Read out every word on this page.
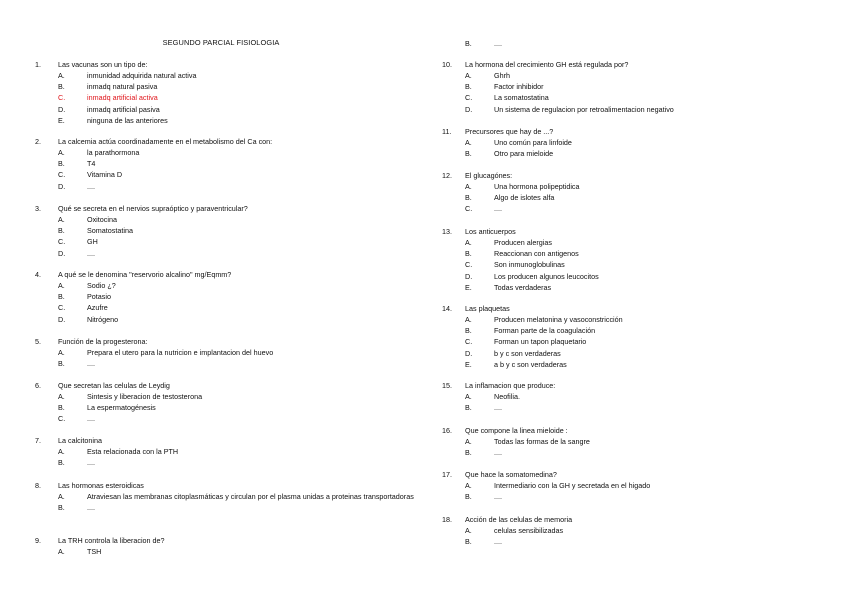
SEGUNDO PARCIAL FISIOLOGIA
1.	Las vacunas son un tipo de:
A.	inmunidad adquirida natural activa
B.	inmadq natural pasiva
C.	inmadq artificial activa
D.	inmadq artificial pasiva
E.	ninguna de las anteriores
2.	La calcemia actúa coordinadamente en el metabolismo del Ca con:
A.	la parathormona
B.	T4
C.	Vitamina D
D.	....
3.	Qué se secreta en el nervios supraóptico y paraventricular?
A.	Oxitocina
B.	Somatostatina
C.	GH
D.	....
4.	A qué se le denomina "reservorio alcalino" mg/Eqmm?
A.	Sodio ¿?
B.	Potasio
C.	Azufre
D.	Nitrógeno
5.	Función de la progesterona:
A.	Prepara el utero para la nutricion e implantacion del huevo
B.	....
6.	Que secretan las celulas de Leydig
A.	Sintesis y liberacion de testosterona
B.	La espermatogénesis
C.	....
7.	La calcitonina
A.	Esta relacionada con la PTH
B.	....
8.	Las hormonas esteroidicas
A.	Atraviesan las membranas citoplasmáticas y circulan por el plasma unidas a proteinas transportadoras
B.	....
9.	La TRH controla la liberacion de?
A.	TSH
B.	....
10.	La hormona del crecimiento GH está regulada por?
A.	Ghrh
B.	Factor inhibidor
C.	La somatostatina
D.	Un sistema de regulacion por retroalimentacion negativo
11.	Precursores que hay de ...?
A.	Uno común para linfoide
B.	Otro para mieloide
12.	El glucagónes:
A.	Una hormona polipeptidica
B.	Algo de islotes alfa
C.	....
13.	Los anticuerpos
A.	Producen alergias
B.	Reaccionan con antigenos
C.	Son inmunoglobulinas
D.	Los producen algunos leucocitos
E.	Todas verdaderas
14.	Las plaquetas
A.	Producen melatonina y vasoconstricción
B.	Forman parte de la coagulación
C.	Forman un tapon plaquetario
D.	b y c son verdaderas
E.	a b y c son verdaderas
15.	La inflamacion que produce:
A.	Neofilia.
B.	....
16.	Que compone la linea mieloide :
A.	Todas las formas de la sangre
B.	....
17.	Que hace la somatomedina?
A.	Intermediario con la GH y secretada en el higado
B.	....
18.	Acción de las celulas de memoria
A.	celulas sensibilizadas
B.	....
